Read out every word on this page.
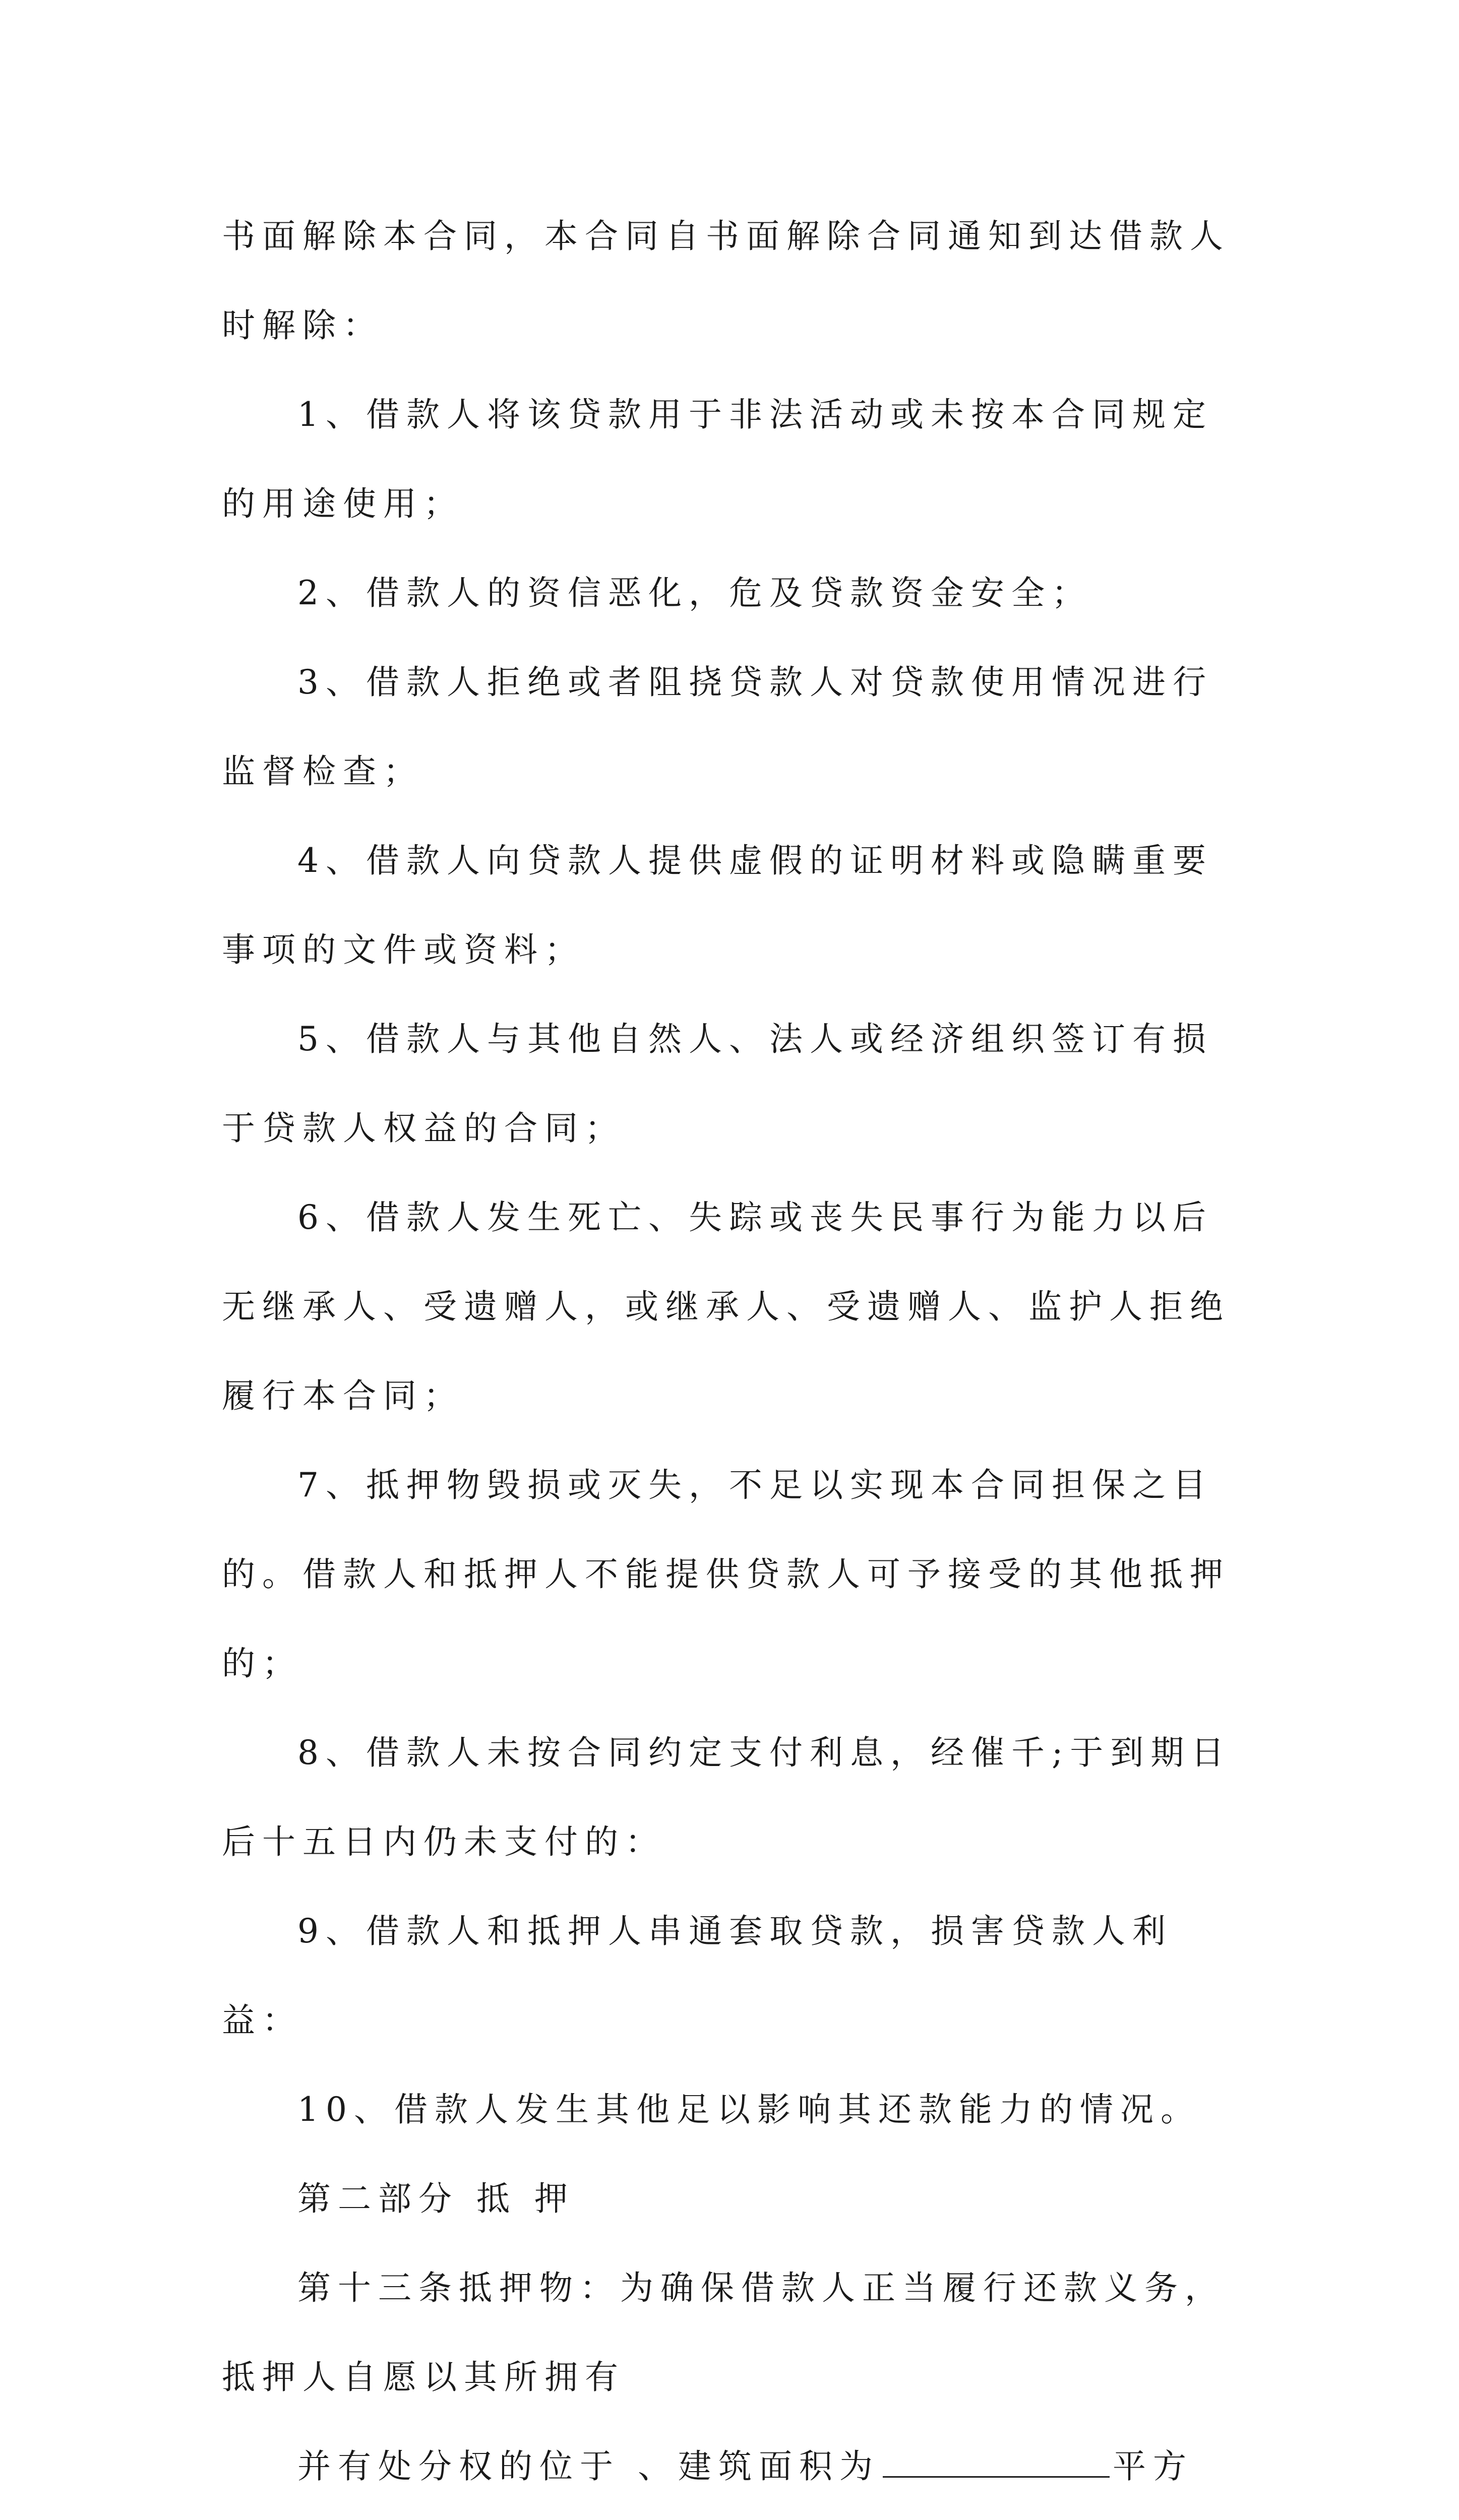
书面解除本合同，本合同自书面解除合同通知到达借款人时解除：

1、借款人将该贷款用于非法活动或未按本合同规定的用途使用；

2、借款人的资信恶化，危及贷款资金安全；

3、借款人拒绝或者阻挠贷款人对贷款使用情况进行监督检查；

4、借款人向贷款人提供虚假的证明材料或隐瞒重要事项的文件或资料；

5、借款人与其他自然人、法人或经济组织签订有损于贷款人权益的合同；

6、借款人发生死亡、失踪或丧失民事行为能力以后无继承人、受遗赠人，或继承人、受遗赠人、监护人拒绝履行本合同；

7、抵押物毁损或灭失，不足以实现本合同担保之目的。借款人和抵押人不能提供贷款人可予接受的其他抵押的；

8、借款人未按合同约定支付利息，经催千;于到期日后十五日内仍未支付的：

9、借款人和抵押人串通套取贷款，损害贷款人利益：

10、借款人发生其他足以影响其还款能力的情况。

第二部分 抵 押

第十三条抵押物：为确保借款人正当履行还款义务，抵押人自愿以其所拥有

并有处分权的位于 、建筑面积为	平方
